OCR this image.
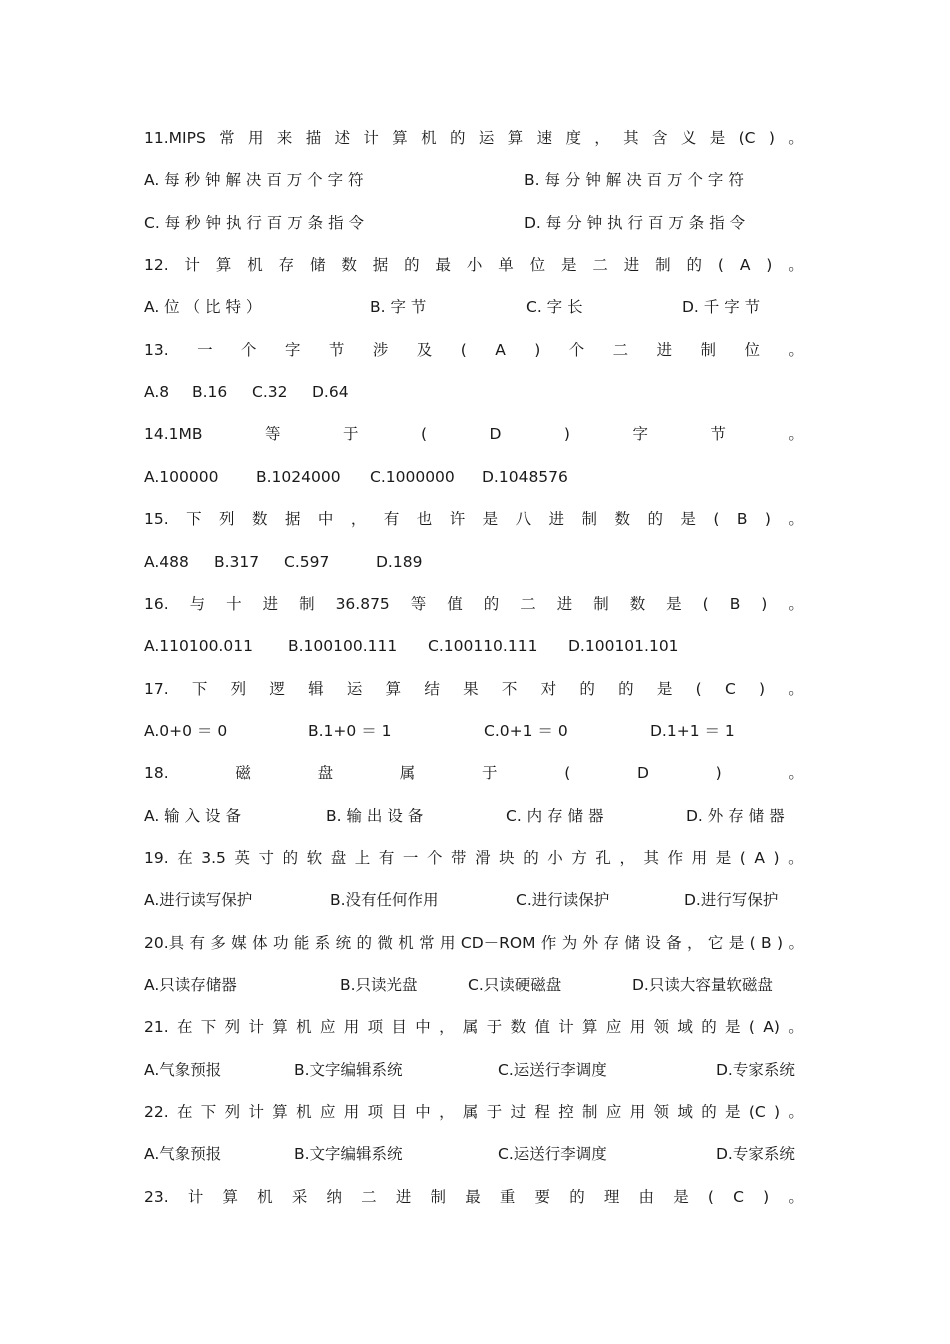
11.MIPS 常 用 来 描 述 计 算 机 的 运 算 速 度 ， 其 含 义 是 (C ) 。
A. 每 秒 钟 解 决 百 万 个 字 符	B. 每 分 钟 解 决 百 万 个 字 符
C. 每 秒 钟 执 行 百 万 条 指 令	D. 每 分 钟 执 行 百 万 条 指 令
12. 计 算 机 存 储 数 据 的 最 小 单 位 是 二 进 制 的 ( A ) 。
A. 位 （ 比 特 ）	B. 字 节	C. 字 长	D. 千 字 节
13. 一 个 字 节 涉 及 ( A ) 个 二 进 制 位 。
A.8 B.16 C.32 D.64
14.1MB	等	于	(	D	)	字	节	。
A.100000 B.1024000 C.1000000 D.1048576
15. 下 列 数 据 中 ， 有 也 许 是 八 进 制 数 的 是 ( B ) 。
A.488 B.317 C.597	D.189
16. 与 十 进 制 36.875 等 值 的 二 进 制 数 是 ( B ) 。
A.110100.011 B.100100.111 C.100110.111 D.100101.101
17. 下 列 逻 辑 运 算 结 果 不 对 的 的 是 ( C ) 。
A.0+0 ＝ 0	B.1+0 ＝ 1	C.0+1 ＝ 0	D.1+1 ＝ 1
18.	磁	盘	属	于	(	D	)	。
A. 输 入 设 备	B. 输 出 设 备	C. 内 存 储 器	D. 外 存 储 器
19. 在 3.5 英 寸 的 软 盘 上 有 一 个 带 滑 块 的 小 方 孔 ， 其 作 用 是 ( A ) 。
A.进行读写保护	B.没有任何作用	C.进行读保护	D.进行写保护
20.具 有 多 媒 体 功 能 系 统 的 微 机 常 用 CD－ROM 作 为 外 存 储 设 备 ， 它 是 ( B ) 。
A.只读存储器	B.只读光盘	C.只读硬磁盘	D.只读大容量软磁盘
21. 在 下 列 计 算 机 应 用 项 目 中 ， 属 于 数 值 计 算 应 用 领 域 的 是 ( A) 。
A.气象预报	B.文字编辑系统	C.运送行李调度	D.专家系统
22. 在 下 列 计 算 机 应 用 项 目 中 ， 属 于 过 程 控 制 应 用 领 域 的 是 (C ) 。
A.气象预报	B.文字编辑系统	C.运送行李调度	D.专家系统
23. 计 算 机 采 纳 二 进 制 最 重 要 的 理 由 是 ( C ) 。
